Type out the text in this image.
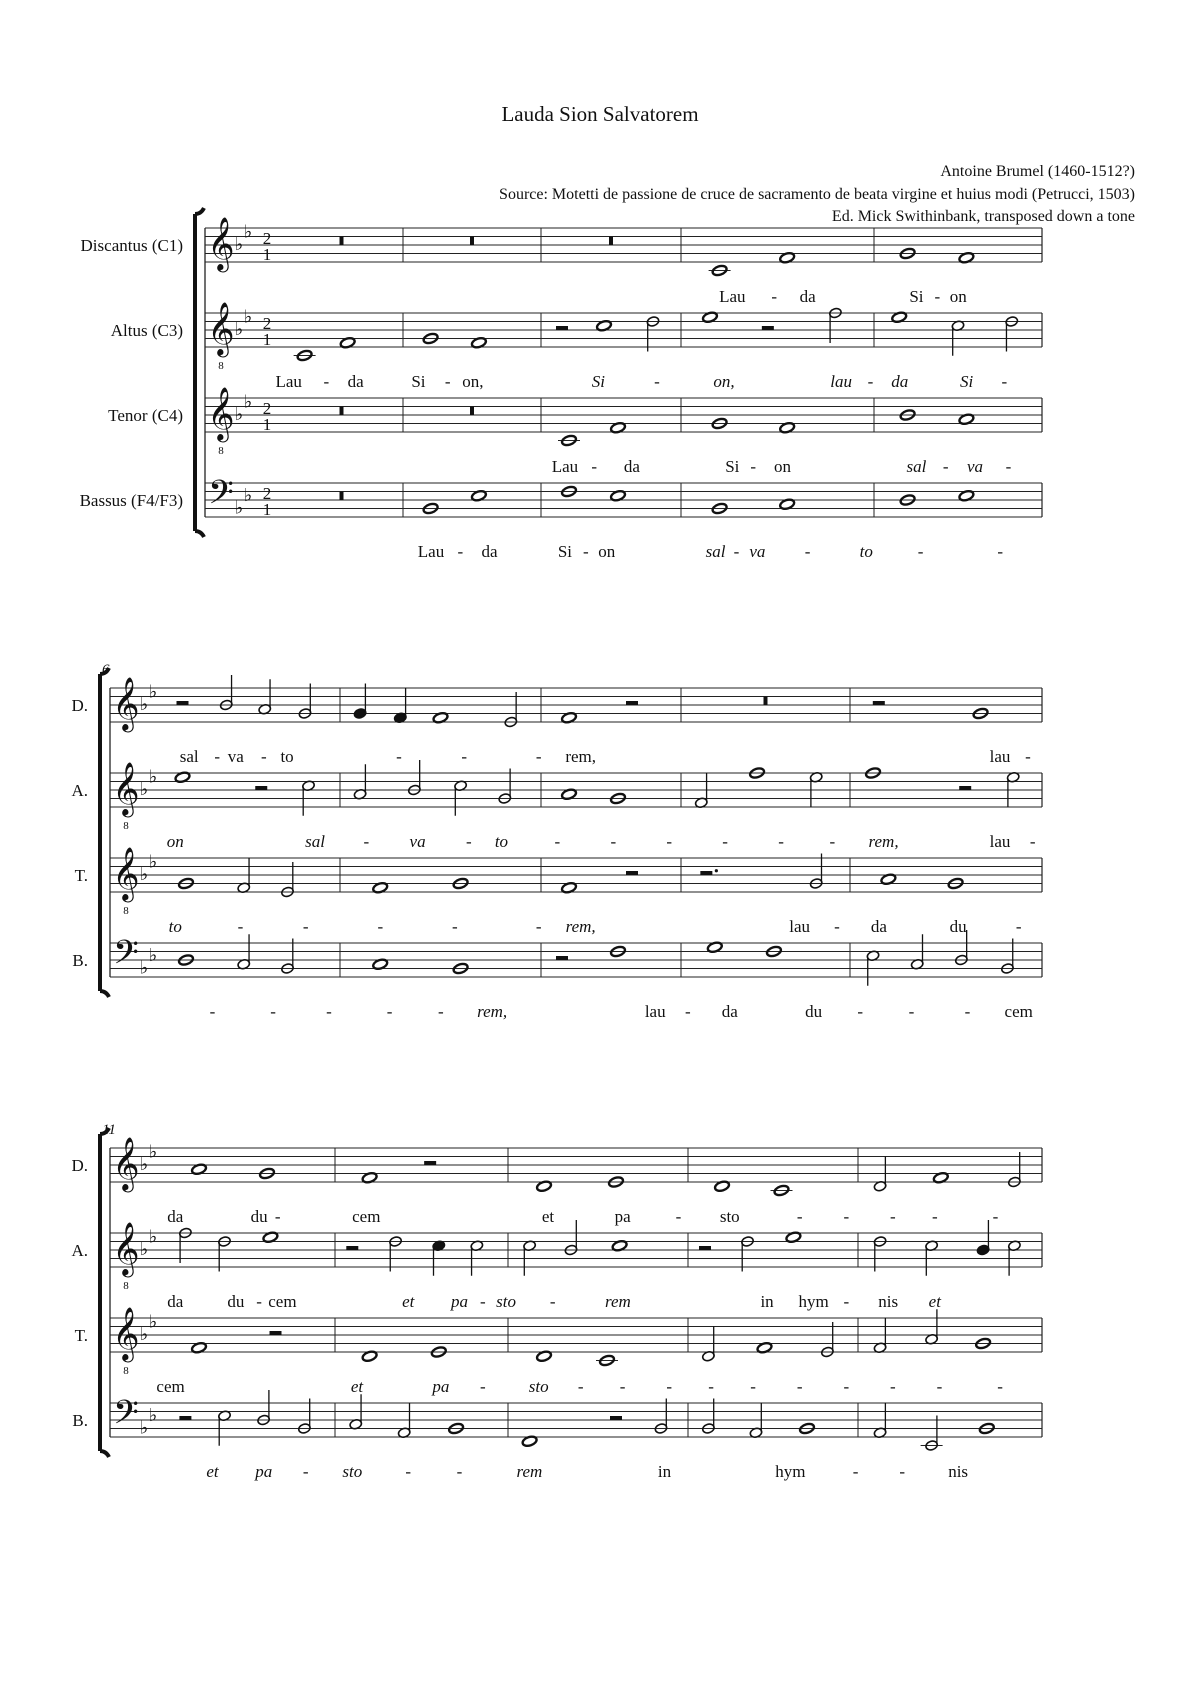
Lauda Sion Salvatorem
Antoine Brumel (1460-1512?)
Source: Motetti de passione de cruce de sacramento de beata virgine et huius modi (Petrucci, 1503)
Ed. Mick Swithinbank, transposed down a tone
Discantus (C1) 𝄞 ♭
♭ 2
1
Lau - da	Si - on
Altus (C3) 𝄞
8
♭
♭ 2
1
Lau - da	Si - on,	Si	-	on,	lau - da	Si -
Tenor (C4) 𝄞
8
♭
♭ 2
1
Lau - da	Si - on	sal - va -
Bassus (F4/F3) 𝄢 ♭
♭ 2
1
Lau - da	Si - on	sal - va -	to	-	-
6
D. 𝄞 ♭
♭
sal - va - to	-	-	- rem,	lau -
A. 𝄞
8
♭
♭
on	sal - va - to	-	-	-	-	-	- rem,	lau -
T. 𝄞
8
♭
♭
to	-	-	-	-	- rem,	lau - da	du	-
B. 𝄢 ♭
♭
-	-	-	-	- rem,	lau - da	du -	-	- cem
11
D. 𝄞 ♭
♭
da	du -	cem	et	pa	- sto	- - - -	-
A. 𝄞
8
♭
♭
da	du - cem	et pa - sto -	rem	in hym - nis et
T. 𝄞
8
♭
♭
cem	et	pa -	sto - - - - - - - - -	-
B. 𝄢 ♭
♭
et pa - sto	-	-	rem	in	hym	- -	nis
